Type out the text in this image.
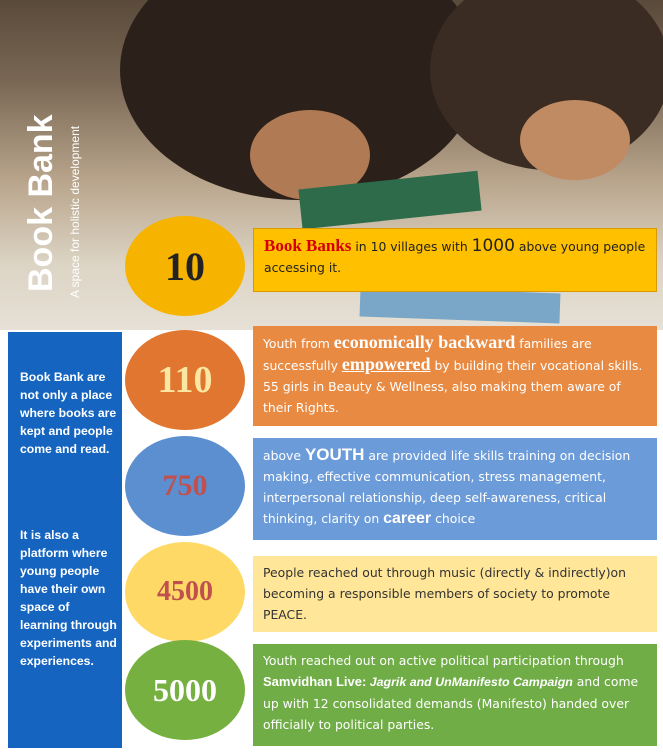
Book Bank A space for holistic development

Book Bank are not only a place where books are kept and people come and read.

It is also a platform where young people have their own space of learning through experiments and experiences.

10	Book Banks in 10 villages with 1000 above young people accessing it.
110
Youth from economically backward families are successfully empowered by building their vocational skills. 55 girls in Beauty & Wellness, also making them aware of their Rights.
750
above YOUTH are provided life skills training on decision making, effective communication, stress management, interpersonal relationship, deep self-awareness, critical thinking, clarity on career choice
4500
People reached out through music (directly & indirectly)on becoming a responsible members of society to promote PEACE.
5000
Youth reached out on active political participation through Samvidhan Live: Jagrik and UnManifesto Campaign and come up with 12 consolidated demands (Manifesto) handed over officially to political parties.
